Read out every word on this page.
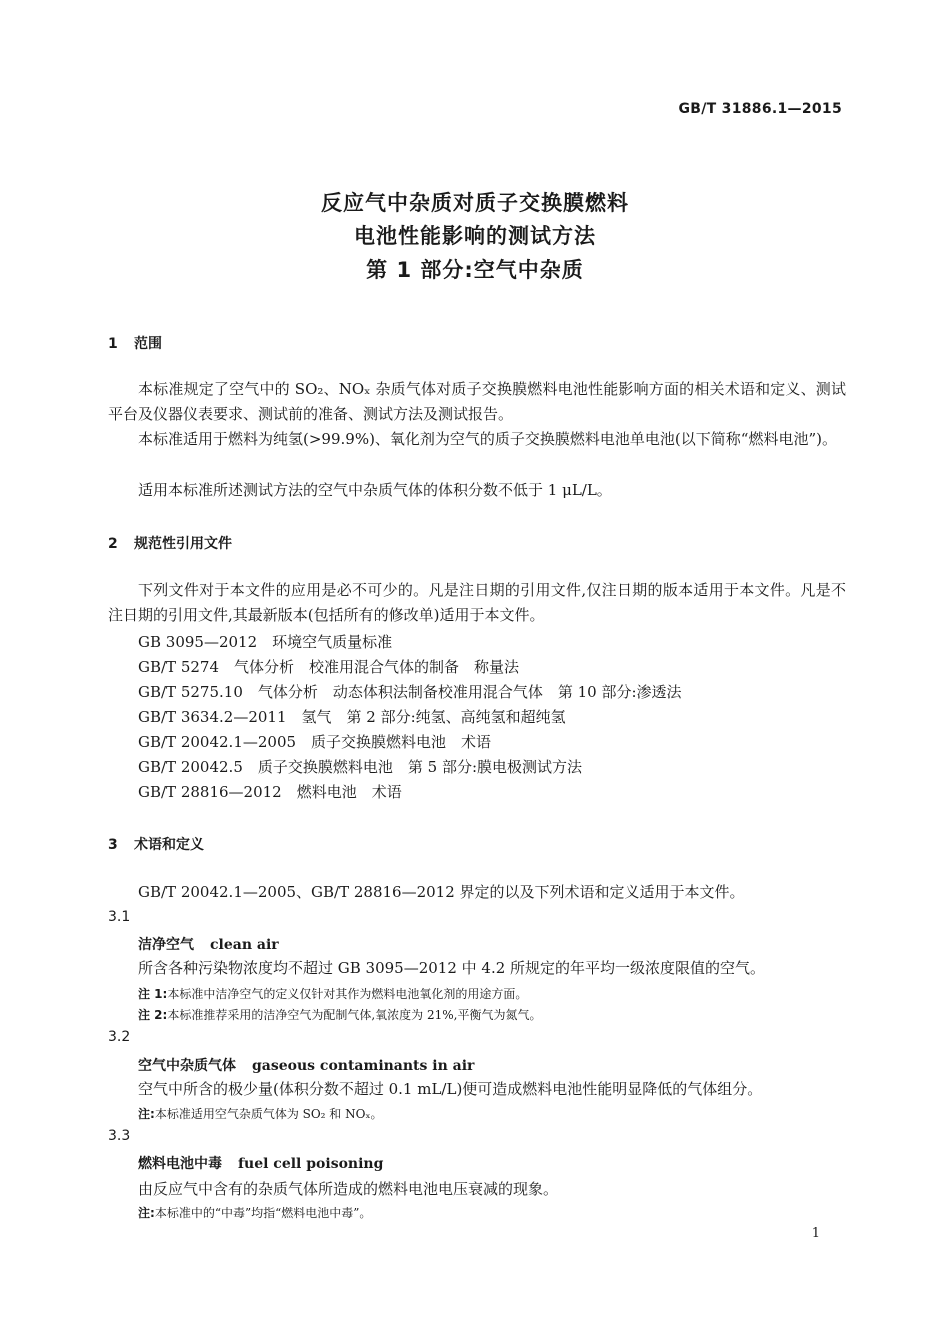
GB/T 31886.1—2015
反应气中杂质对质子交换膜燃料
电池性能影响的测试方法
第 1 部分:空气中杂质
1 范围

本标准规定了空气中的 SO₂、NOₓ 杂质气体对质子交换膜燃料电池性能影响方面的相关术语和定义、测试平台及仪器仪表要求、测试前的准备、测试方法及测试报告。

本标准适用于燃料为纯氢(>99.9%)、氧化剂为空气的质子交换膜燃料电池单电池(以下简称“燃料电池”)。

适用本标准所述测试方法的空气中杂质气体的体积分数不低于 1 μL/L。

2 规范性引用文件

下列文件对于本文件的应用是必不可少的。凡是注日期的引用文件,仅注日期的版本适用于本文件。凡是不注日期的引用文件,其最新版本(包括所有的修改单)适用于本文件。

GB 3095—2012　环境空气质量标准
GB/T 5274　气体分析　校准用混合气体的制备　称量法
GB/T 5275.10　气体分析　动态体积法制备校准用混合气体　第 10 部分:渗透法
GB/T 3634.2—2011　氢气　第 2 部分:纯氢、高纯氢和超纯氢
GB/T 20042.1—2005　质子交换膜燃料电池　术语
GB/T 20042.5　质子交换膜燃料电池　第 5 部分:膜电极测试方法
GB/T 28816—2012　燃料电池　术语
3 术语和定义
GB/T 20042.1—2005、GB/T 28816—2012 界定的以及下列术语和定义适用于本文件。
3.1
洁净空气 clean air
所含各种污染物浓度均不超过 GB 3095—2012 中 4.2 所规定的年平均一级浓度限值的空气。
注 1:本标准中洁净空气的定义仅针对其作为燃料电池氧化剂的用途方面。
注 2:本标准推荐采用的洁净空气为配制气体,氧浓度为 21%,平衡气为氮气。
3.2
空气中杂质气体 gaseous contaminants in air
空气中所含的极少量(体积分数不超过 0.1 mL/L)便可造成燃料电池性能明显降低的气体组分。
注:本标准适用空气杂质气体为 SO₂ 和 NOₓ。
3.3
燃料电池中毒 fuel cell poisoning
由反应气中含有的杂质气体所造成的燃料电池电压衰减的现象。
注:本标准中的“中毒”均指“燃料电池中毒”。
1
